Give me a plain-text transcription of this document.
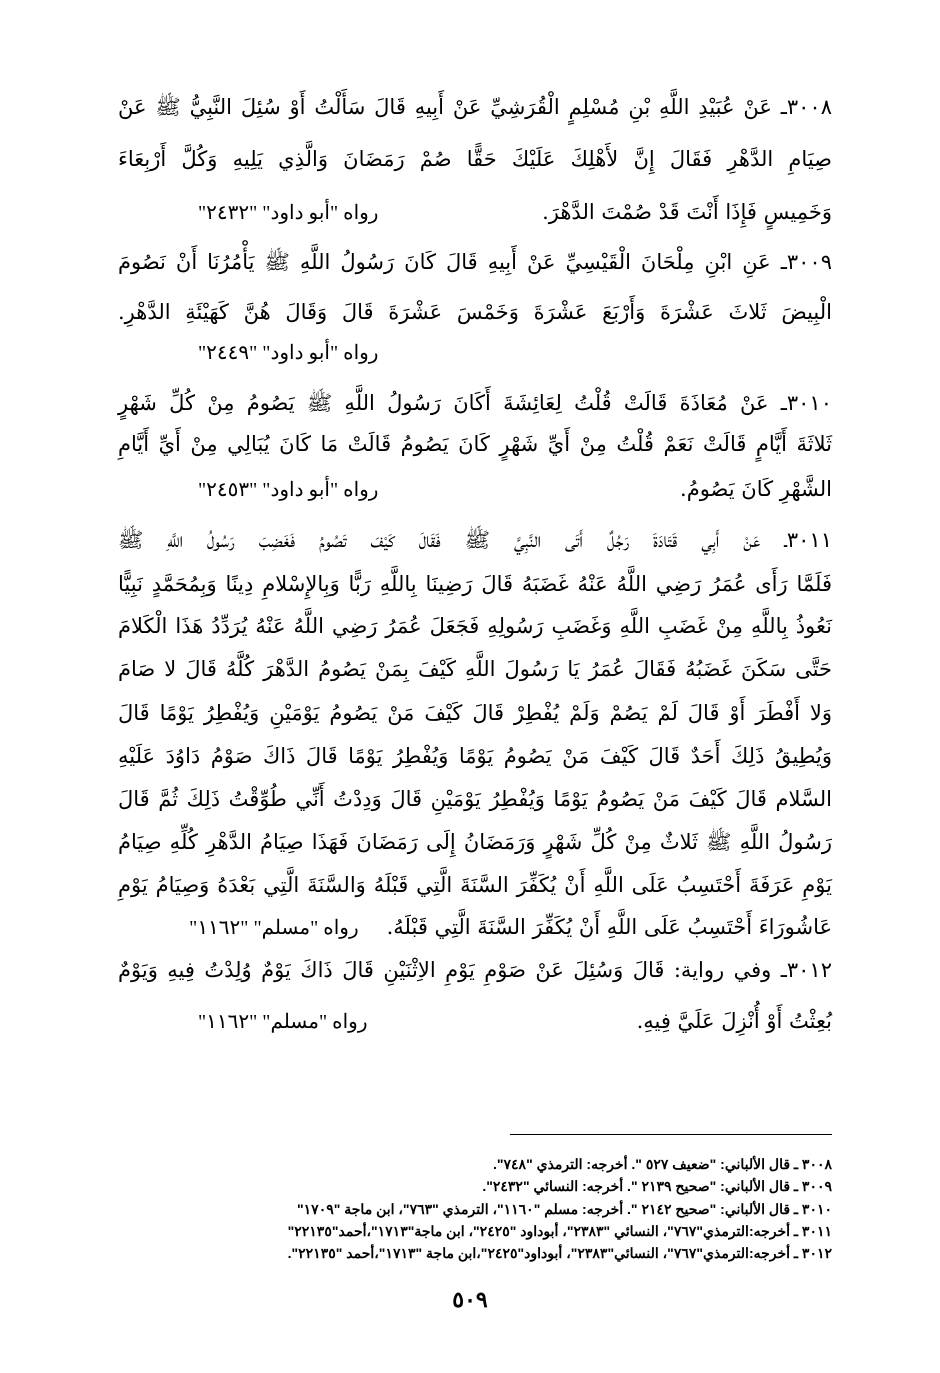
٣٠٠٨ـ عَنْ عُبَيْدِ اللَّهِ بْنِ مُسْلِمٍ الْقُرَشِيِّ عَنْ أَبِيهِ قَالَ سَأَلْتُ أَوْ سُئِلَ النَّبِيُّ ﷺ عَنْ
صِيَامِ الدَّهْرِ فَقَالَ إِنَّ لأَهْلِكَ عَلَيْكَ حَقًّا صُمْ رَمَضَانَ وَالَّذِي يَلِيهِ وَكُلَّ أَرْبِعَاءَ
وَخَمِيسٍ فَإِذَا أَنْتَ قَدْ صُمْتَ الدَّهْرَ.
رواه "أبو داود" "٢٤٣٢"
٣٠٠٩ـ عَنِ ابْنِ مِلْحَانَ الْقَيْسِيِّ عَنْ أَبِيهِ قَالَ كَانَ رَسُولُ اللَّهِ ﷺ يَأْمُرُنَا أَنْ نَصُومَ
الْبِيضَ ثَلاثَ عَشْرَةَ وَأَرْبَعَ عَشْرَةَ وَخَمْسَ عَشْرَةَ قَالَ وَقَالَ هُنَّ كَهَيْئَةِ الدَّهْرِ.
رواه "أبو داود" "٢٤٤٩"
٣٠١٠ـ عَنْ مُعَاذَةَ قَالَتْ قُلْتُ لِعَائِشَةَ أَكَانَ رَسُولُ اللَّهِ ﷺ يَصُومُ مِنْ كُلِّ شَهْرٍ
ثَلاثَةَ أَيَّامٍ قَالَتْ نَعَمْ قُلْتُ مِنْ أَيِّ شَهْرٍ كَانَ يَصُومُ قَالَتْ مَا كَانَ يُبَالِي مِنْ أَيِّ أَيَّامِ
الشَّهْرِ كَانَ يَصُومُ.
رواه "أبو داود" "٢٤٥٣"
٣٠١١ـ عَنْ أَبِي قَتَادَةَ رَجُلٌ أَتَى النَّبِيَّ ﷺ فَقَالَ كَيْفَ تَصُومُ فَغَضِبَ رَسُولُ اللَّهِ ﷺ
فَلَمَّا رَأَى عُمَرُ رَضِي اللَّهُ عَنْهُ غَضَبَهُ قَالَ رَضِينَا بِاللَّهِ رَبًّا وَبِالإِسْلامِ دِينًا وَبِمُحَمَّدٍ نَبِيًّا
نَعُوذُ بِاللَّهِ مِنْ غَضَبِ اللَّهِ وَغَضَبِ رَسُولِهِ فَجَعَلَ عُمَرُ رَضِي اللَّهُ عَنْهُ يُرَدِّدُ هَذَا الْكَلامَ
حَتَّى سَكَنَ غَضَبُهُ فَقَالَ عُمَرُ يَا رَسُولَ اللَّهِ كَيْفَ بِمَنْ يَصُومُ الدَّهْرَ كُلَّهُ قَالَ لا صَامَ
وَلا أَفْطَرَ أَوْ قَالَ لَمْ يَصُمْ وَلَمْ يُفْطِرْ قَالَ كَيْفَ مَنْ يَصُومُ يَوْمَيْنِ وَيُفْطِرُ يَوْمًا قَالَ
وَيُطِيقُ ذَلِكَ أَحَدٌ قَالَ كَيْفَ مَنْ يَصُومُ يَوْمًا وَيُفْطِرُ يَوْمًا قَالَ ذَاكَ صَوْمُ دَاوُدَ عَلَيْهِ
السَّلام قَالَ كَيْفَ مَنْ يَصُومُ يَوْمًا وَيُفْطِرُ يَوْمَيْنِ قَالَ وَدِدْتُ أَنِّي طُوِّقْتُ ذَلِكَ ثُمَّ قَالَ
رَسُولُ اللَّهِ ﷺ ثَلاثٌ مِنْ كُلِّ شَهْرٍ وَرَمَضَانُ إِلَى رَمَضَانَ فَهَذَا صِيَامُ الدَّهْرِ كُلِّهِ صِيَامُ
يَوْمِ عَرَفَةَ أَحْتَسِبُ عَلَى اللَّهِ أَنْ يُكَفِّرَ السَّنَةَ الَّتِي قَبْلَهُ وَالسَّنَةَ الَّتِي بَعْدَهُ وَصِيَامُ يَوْمِ
عَاشُورَاءَ أَحْتَسِبُ عَلَى اللَّهِ أَنْ يُكَفِّرَ السَّنَةَ الَّتِي قَبْلَهُ.
رواه "مسلم" "١١٦٢"
٣٠١٢ـ وفي رواية: قَالَ وَسُئِلَ عَنْ صَوْمِ يَوْمِ الاِثْنَيْنِ قَالَ ذَاكَ يَوْمٌ وُلِدْتُ فِيهِ وَيَوْمٌ
بُعِثْتُ أَوْ أُنْزِلَ عَلَيَّ فِيهِ.
رواه "مسلم" "١١٦٢"
٣٠٠٨ ـ قال الألباني: "ضعيف ٥٢٧ ". أخرجه: الترمذي "٧٤٨".
٣٠٠٩ ـ قال الألباني: "صحيح ٢١٣٩ ". أخرجه: النسائي "٢٤٣٢".
٣٠١٠ ـ قال الألباني: "صحيح ٢١٤٢ ". أخرجه: مسلم "١١٦٠"، الترمذي "٧٦٣"، ابن ماجة "١٧٠٩"
٣٠١١ ـ أخرجه:الترمذي"٧٦٧"، النسائي "٢٣٨٣"، أبوداود "٢٤٢٥"، ابن ماجة"١٧١٣"،أحمد"٢٢١٣٥"
٣٠١٢ ـ أخرجه:الترمذي"٧٦٧"، النسائي"٢٣٨٣"، أبوداود"٢٤٢٥"،ابن ماجة "١٧١٣"،أحمد "٢٢١٣٥".
٥٠٩
